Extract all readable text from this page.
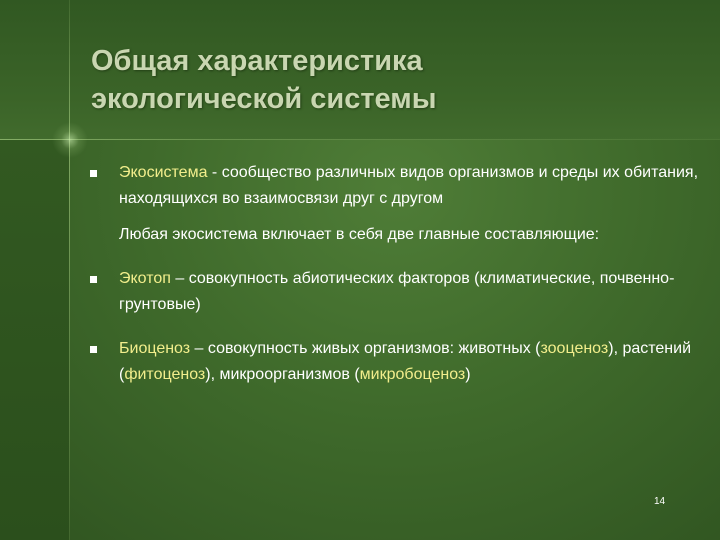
Общая характеристика
экологической системы
Экосистема - сообщество различных видов организмов и среды их обитания, находящихся во взаимосвязи друг с другом
Любая экосистема включает в себя две главные составляющие:
Экотоп – совокупность абиотических факторов (климатические, почвенно-грунтовые)
Биоценоз – совокупность живых организмов: животных (зооценоз), растений (фитоценоз), микроорганизмов (микробоценоз)
14
